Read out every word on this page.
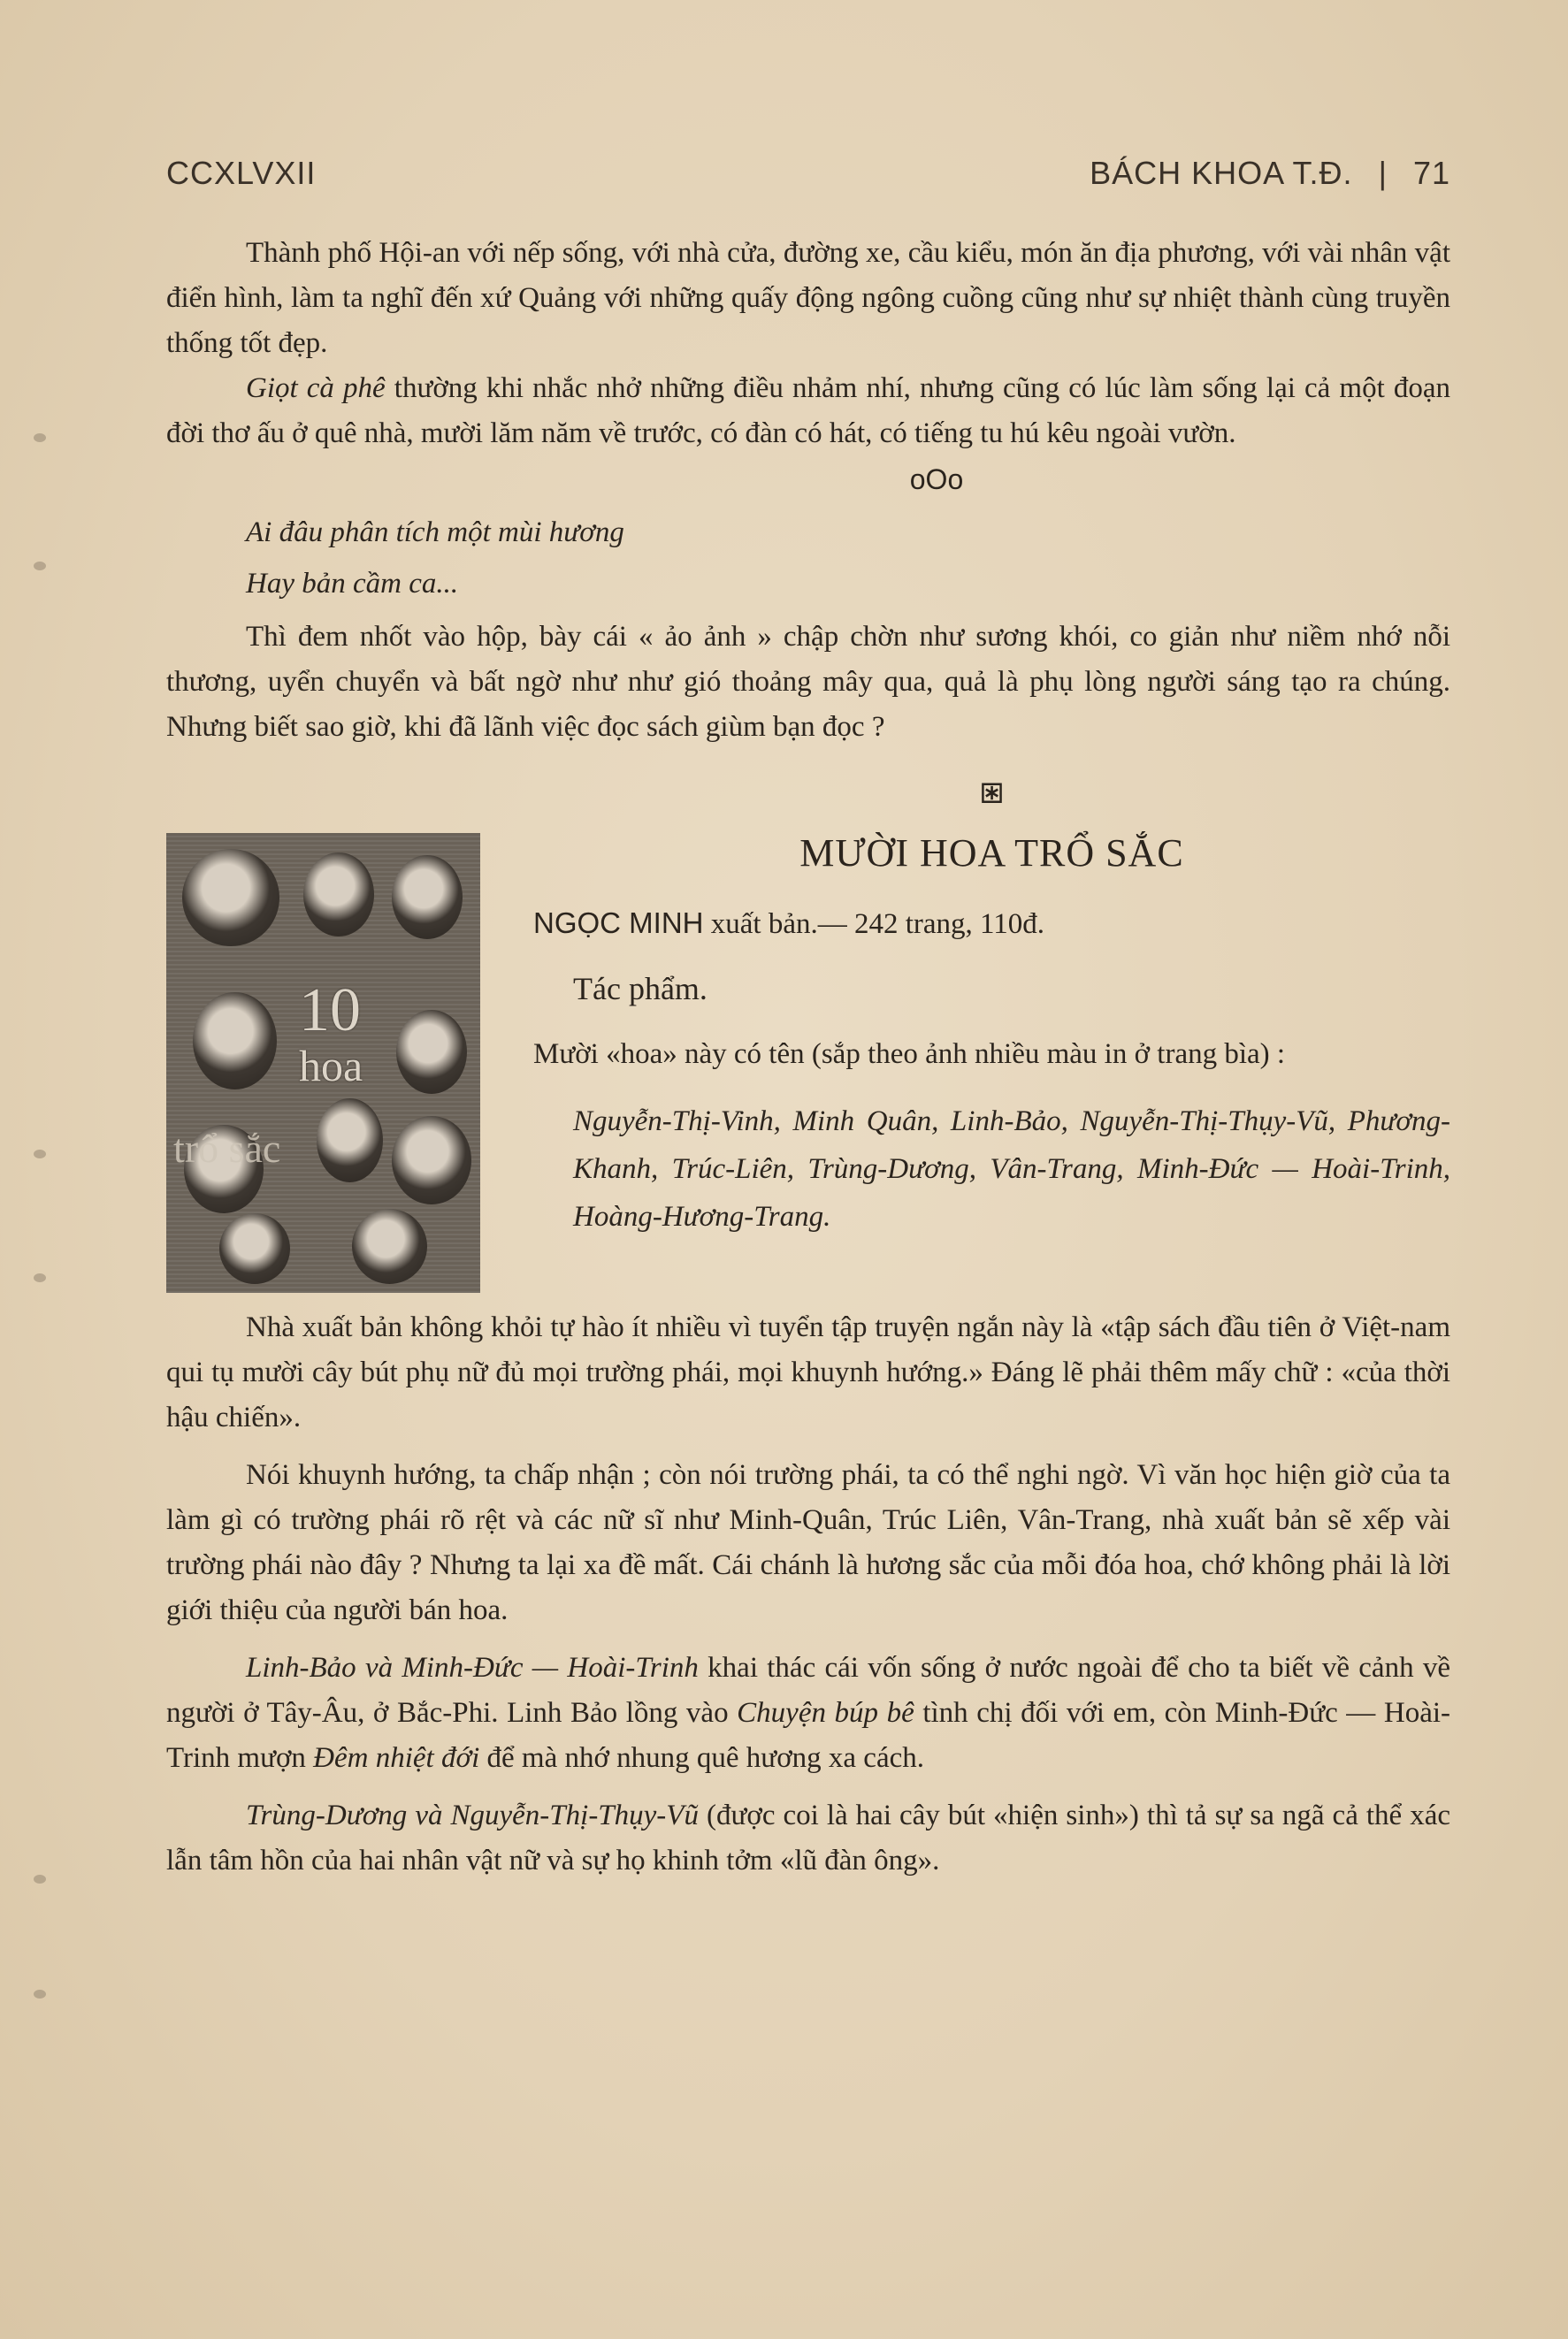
CCXLVXII	BÁCH KHOA T.Đ. | 71

Thành phố Hội-an với nếp sống, với nhà cửa, đường xe, cầu kiểu, món ăn địa phương, với vài nhân vật điển hình, làm ta nghĩ đến xứ Quảng với những quấy động ngông cuồng cũng như sự nhiệt thành cùng truyền thống tốt đẹp.

Giọt cà phê thường khi nhắc nhở những điều nhảm nhí, nhưng cũng có lúc làm sống lại cả một đoạn đời thơ ấu ở quê nhà, mười lăm năm về trước, có đàn có hát, có tiếng tu hú kêu ngoài vườn.

oOo
Ai đâu phân tích một mùi hương
Hay bản cầm ca...

Thì đem nhốt vào hộp, bày cái « ảo ảnh » chập chờn như sương khói, co giản như niềm nhớ nỗi thương, uyển chuyển và bất ngờ như như gió thoảng mây qua, quả là phụ lòng người sáng tạo ra chúng. Nhưng biết sao giờ, khi đã lãnh việc đọc sách giùm bạn đọc ?

10
hoa
trổ sắc
⧆
MƯỜI HOA TRỔ SẮC
NGỌC MINH xuất bản.— 242 trang, 110đ.
Tác phẩm.

Mười «hoa» này có tên (sắp theo ảnh nhiều màu in ở trang bìa) :

Nguyễn-Thị-Vinh, Minh Quân, Linh-Bảo, Nguyễn-Thị-Thụy-Vũ, Phương-Khanh, Trúc-Liên, Trùng-Dương, Vân-Trang, Minh-Đức — Hoài-Trinh, Hoàng-Hương-Trang.

Nhà xuất bản không khỏi tự hào ít nhiều vì tuyển tập truyện ngắn này là «tập sách đầu tiên ở Việt-nam qui tụ mười cây bút phụ nữ đủ mọi trường phái, mọi khuynh hướng.» Đáng lẽ phải thêm mấy chữ : «của thời hậu chiến».

Nói khuynh hướng, ta chấp nhận ; còn nói trường phái, ta có thể nghi ngờ. Vì văn học hiện giờ của ta làm gì có trường phái rõ rệt và các nữ sĩ như Minh-Quân, Trúc Liên, Vân-Trang, nhà xuất bản sẽ xếp vài trường phái nào đây ? Nhưng ta lại xa đề mất. Cái chánh là hương sắc của mỗi đóa hoa, chớ không phải là lời giới thiệu của người bán hoa.

Linh-Bảo và Minh-Đức — Hoài-Trinh khai thác cái vốn sống ở nước ngoài để cho ta biết về cảnh về người ở Tây-Âu, ở Bắc-Phi. Linh Bảo lồng vào Chuyện búp bê tình chị đối với em, còn Minh-Đức — Hoài-Trinh mượn Đêm nhiệt đới để mà nhớ nhung quê hương xa cách.

Trùng-Dương và Nguyễn-Thị-Thụy-Vũ (được coi là hai cây bút «hiện sinh») thì tả sự sa ngã cả thể xác lẫn tâm hồn của hai nhân vật nữ và sự họ khinh tởm «lũ đàn ông».
